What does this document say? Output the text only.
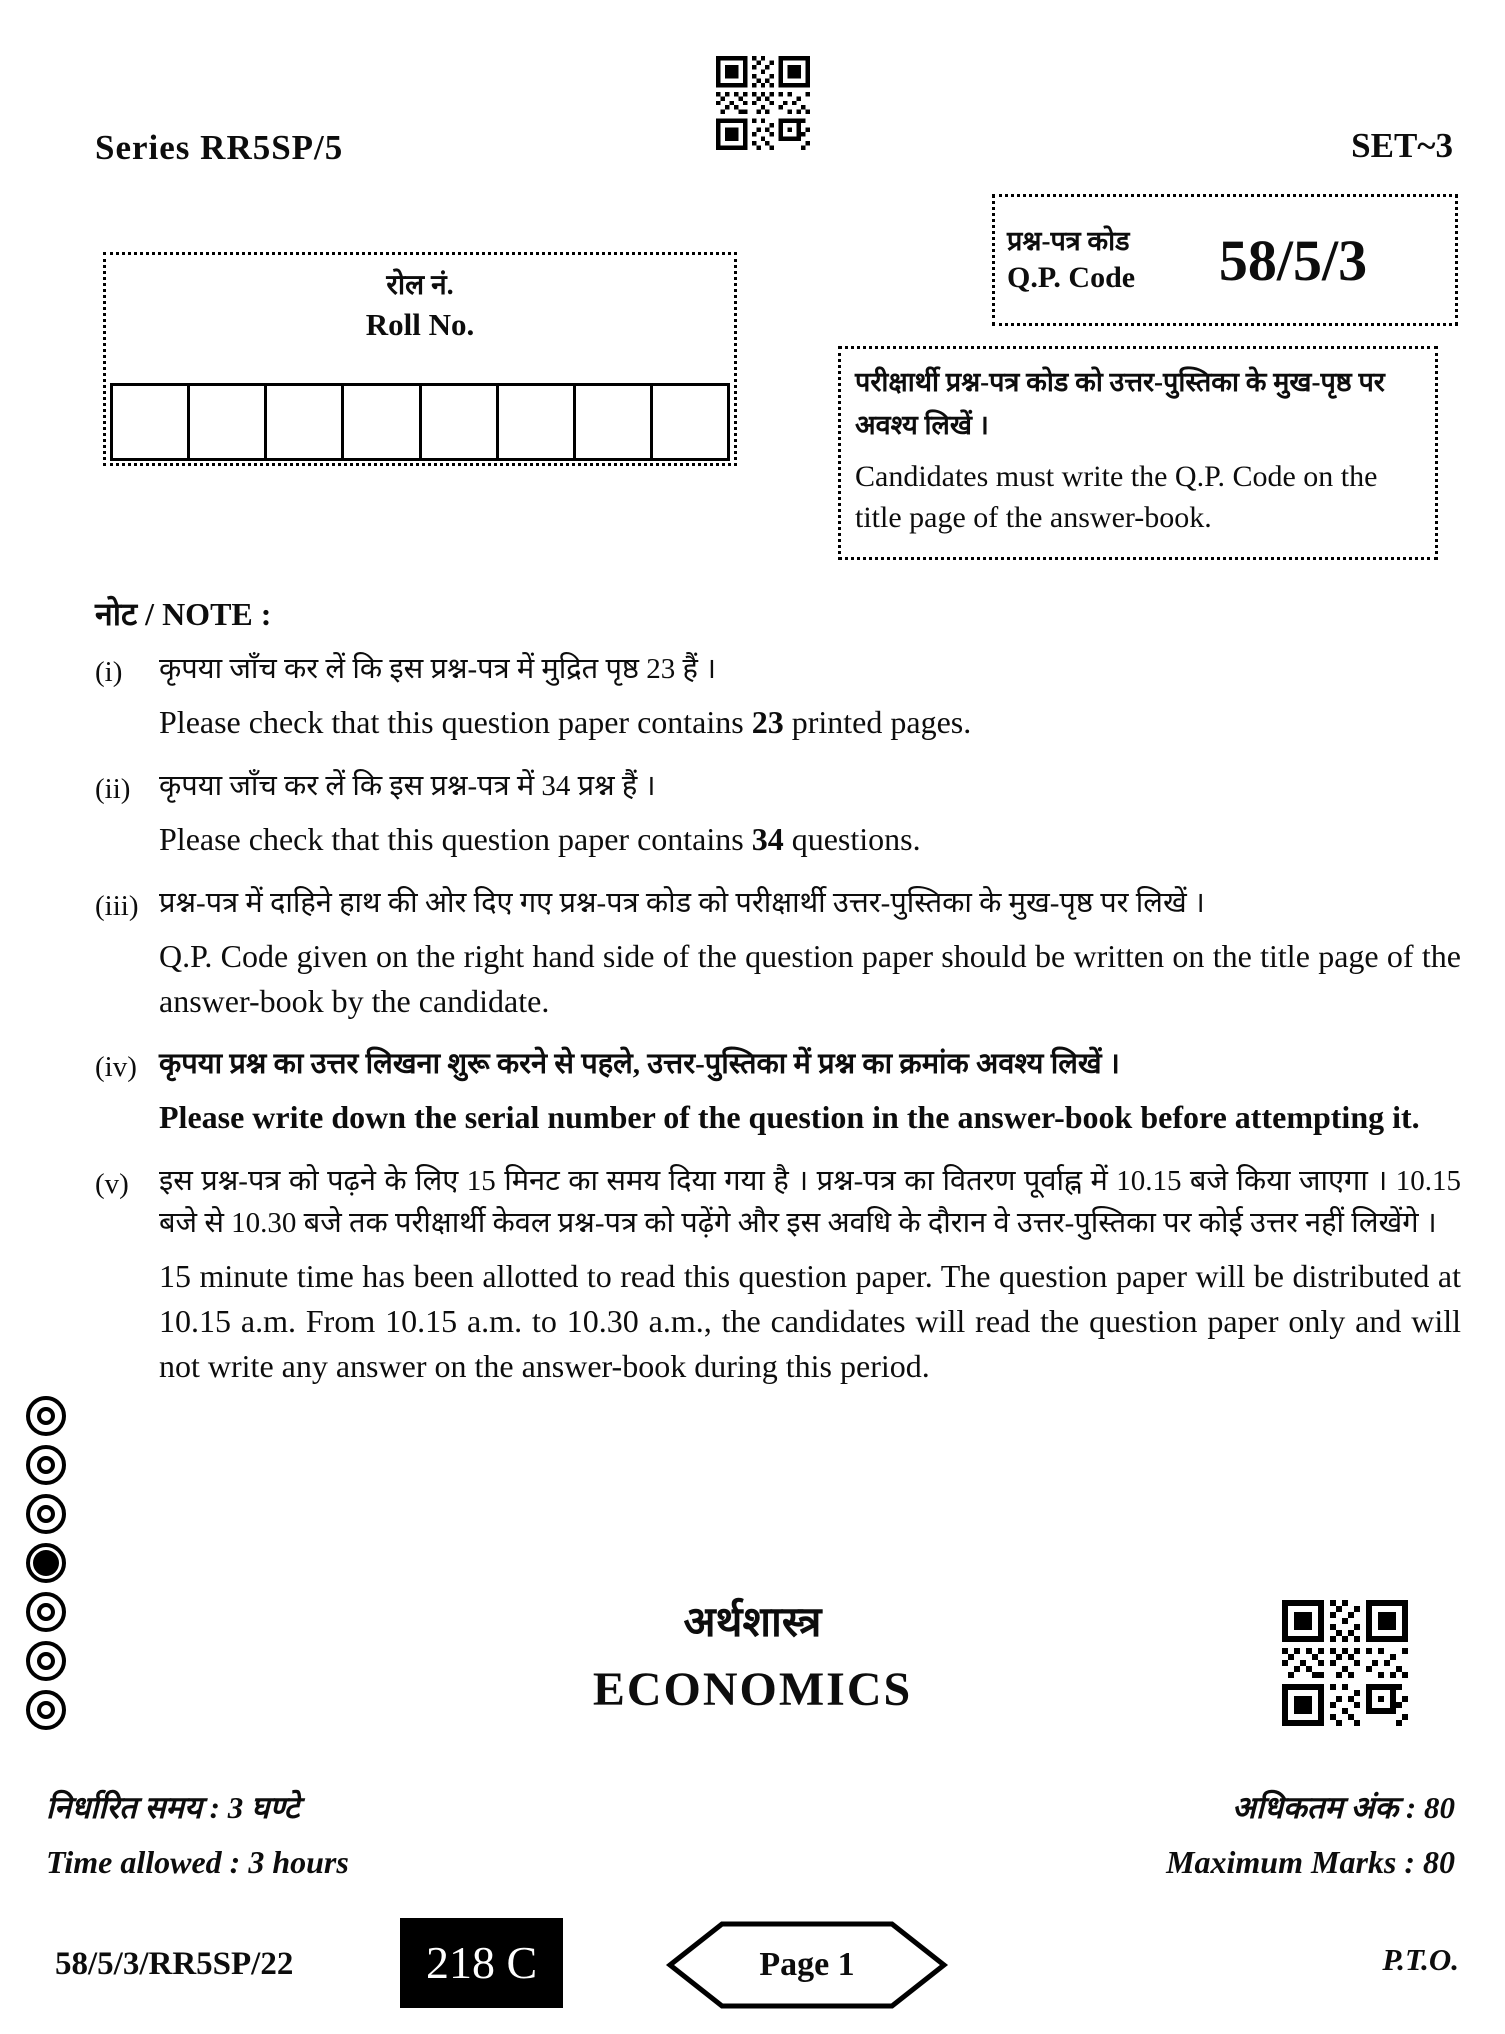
Series RR5SP/5	SET~3
प्रश्न-पत्र कोड
Q.P. Code	58/5/3
रोल नं.
Roll No.

परीक्षार्थी प्रश्न-पत्र कोड को उत्तर-पुस्तिका के मुख-पृष्ठ पर अवश्य लिखें ।

Candidates must write the Q.P. Code on the title page of the answer-book.

नोट / NOTE :
(i)	कृपया जाँच कर लें कि इस प्रश्न-पत्र में मुद्रित पृष्ठ 23 हैं ।

Please check that this question paper contains 23 printed pages.

(ii) कृपया जाँच कर लें कि इस प्रश्न-पत्र में 34 प्रश्न हैं ।

Please check that this question paper contains 34 questions.

(iii) प्रश्न-पत्र में दाहिने हाथ की ओर दिए गए प्रश्न-पत्र कोड को परीक्षार्थी उत्तर-पुस्तिका के मुख-पृष्ठ पर लिखें ।

Q.P. Code given on the right hand side of the question paper should be written on the title page of the answer-book by the candidate.

(iv) कृपया प्रश्न का उत्तर लिखना शुरू करने से पहले, उत्तर-पुस्तिका में प्रश्न का क्रमांक अवश्य लिखें ।

Please write down the serial number of the question in the answer-book before attempting it.

(v)	इस प्रश्न-पत्र को पढ़ने के लिए 15 मिनट का समय दिया गया है । प्रश्न-पत्र का वितरण पूर्वाह्न में 10.15 बजे किया जाएगा । 10.15 बजे से 10.30 बजे तक परीक्षार्थी केवल प्रश्न-पत्र को पढ़ेंगे और इस अवधि के दौरान वे उत्तर-पुस्तिका पर कोई उत्तर नहीं लिखेंगे ।

15 minute time has been allotted to read this question paper. The question paper will be distributed at 10.15 a.m. From 10.15 a.m. to 10.30 a.m., the candidates will read the question paper only and will not write any answer on the answer-book during this period.

अर्थशास्त्र
ECONOMICS
निर्धारित समय : 3 घण्टे	अधिकतम अंक : 80
Time allowed : 3 hours	Maximum Marks : 80
58/5/3/RR5SP/22	218 C	Page 1	P.T.O.
